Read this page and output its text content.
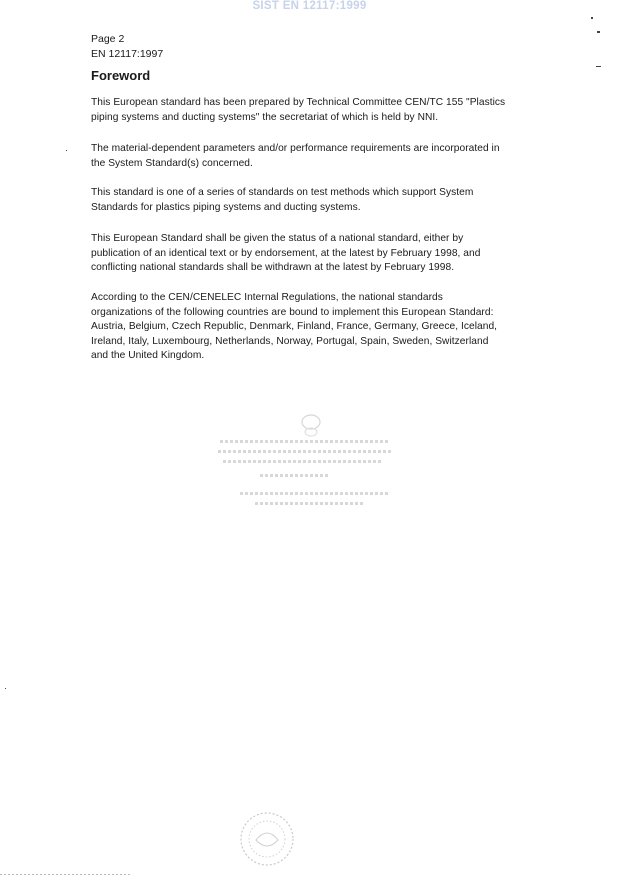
SIST EN 12117:1999
Page 2
EN 12117:1997
Foreword
This European standard has been prepared by Technical Committee CEN/TC 155 "Plastics
piping systems and ducting systems" the secretariat of which is held by NNI.
The material-dependent parameters and/or performance requirements are incorporated in
the System Standard(s) concerned.
This standard is one of a series of standards on test methods which support System
Standards for plastics piping systems and ducting systems.
This European Standard shall be given the status of a national standard, either by
publication of an identical text or by endorsement, at the latest by February 1998, and
conflicting national standards shall be withdrawn at the latest by February 1998.
According to the CEN/CENELEC Internal Regulations, the national standards
organizations of the following countries are bound to implement this European Standard:
Austria, Belgium, Czech Republic, Denmark, Finland, France, Germany, Greece, Iceland,
Ireland, Italy, Luxembourg, Netherlands, Norway, Portugal, Spain, Sweden, Switzerland
and the United Kingdom.
